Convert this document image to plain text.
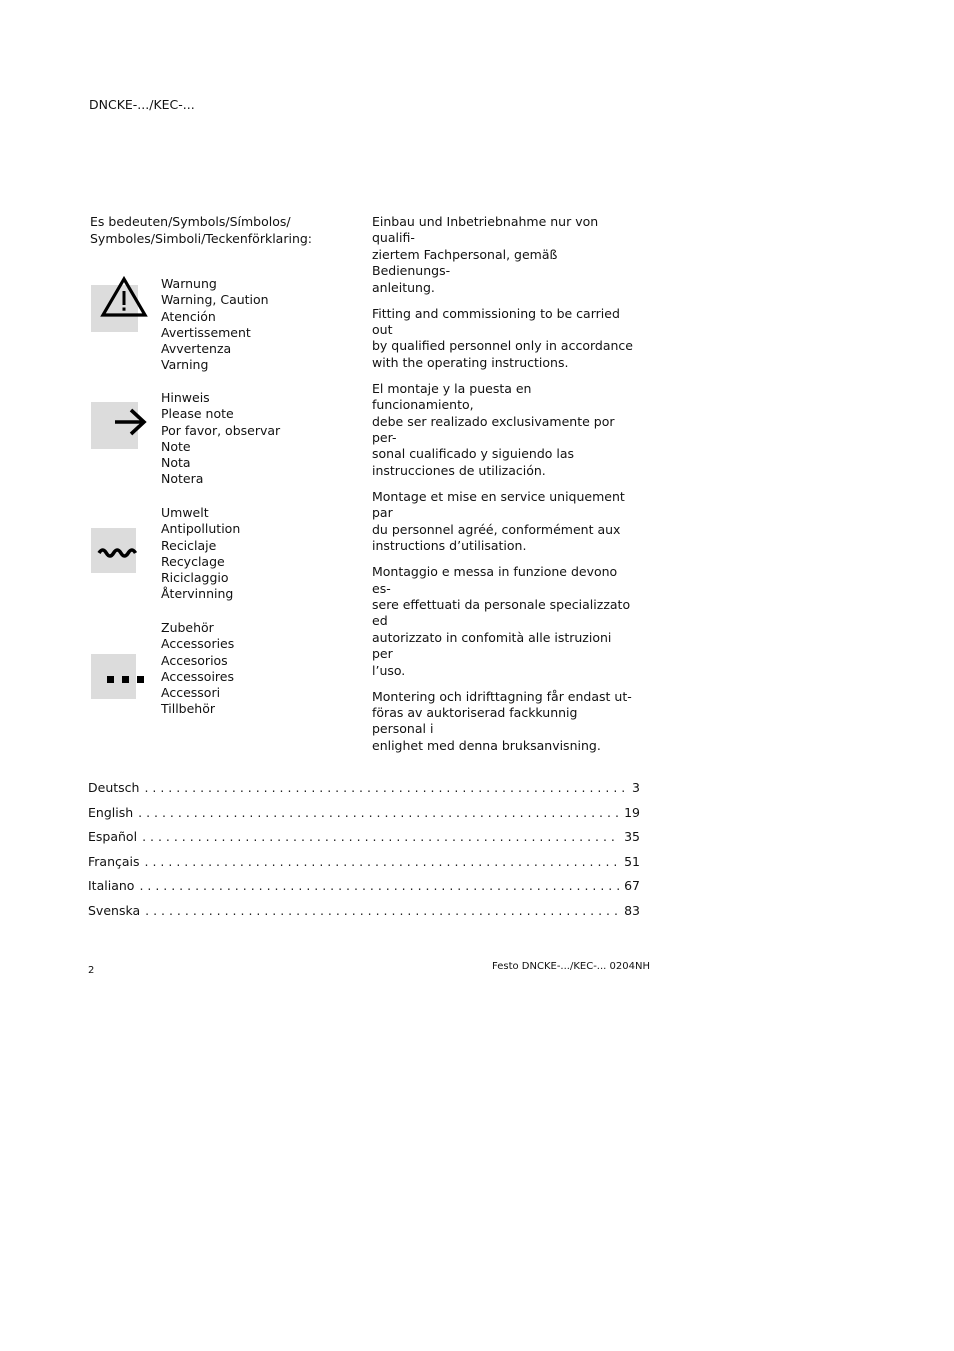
DNCKE-.../KEC-...
Es bedeuten/Symbols/Símbolos/
Symboles/Simboli/Teckenförklaring:
Warnung
Warning, Caution
Atención
Avertissement
Avvertenza
Varning
Hinweis
Please note
Por favor, observar
Note
Nota
Notera
Umwelt
Antipollution
Reciclaje
Recyclage
Riciclaggio
Återvinning
Zubehör
Accessories
Accesorios
Accessoires
Accessori
Tillbehör

Einbau und Inbetriebnahme nur von qualifi-
ziertem Fachpersonal, gemäß Bedienungs-
anleitung.

Fitting and commissioning to be carried out
by qualified personnel only in accordance
with the operating instructions.

El montaje y la puesta en funcionamiento,
debe ser realizado exclusivamente por per-
sonal cualificado y siguiendo las
instrucciones de utilización.

Montage et mise en service uniquement par
du personnel agréé, conformément aux
instructions d’utilisation.

Montaggio e messa in funzione devono es-
sere effettuati da personale specializzato ed
autorizzato in confomità alle istruzioni per
l’uso.

Montering och idrifttagning får endast ut-
föras av auktoriserad fackkunnig personal i
enlighet med denna bruksanvisning.

Deutsch . . .	3
English . . .	19
Español . . .	35
Français . . .	51
Italiano . . .	67
Svenska . . .	83
2	Festo DNCKE-.../KEC-... 0204NH
